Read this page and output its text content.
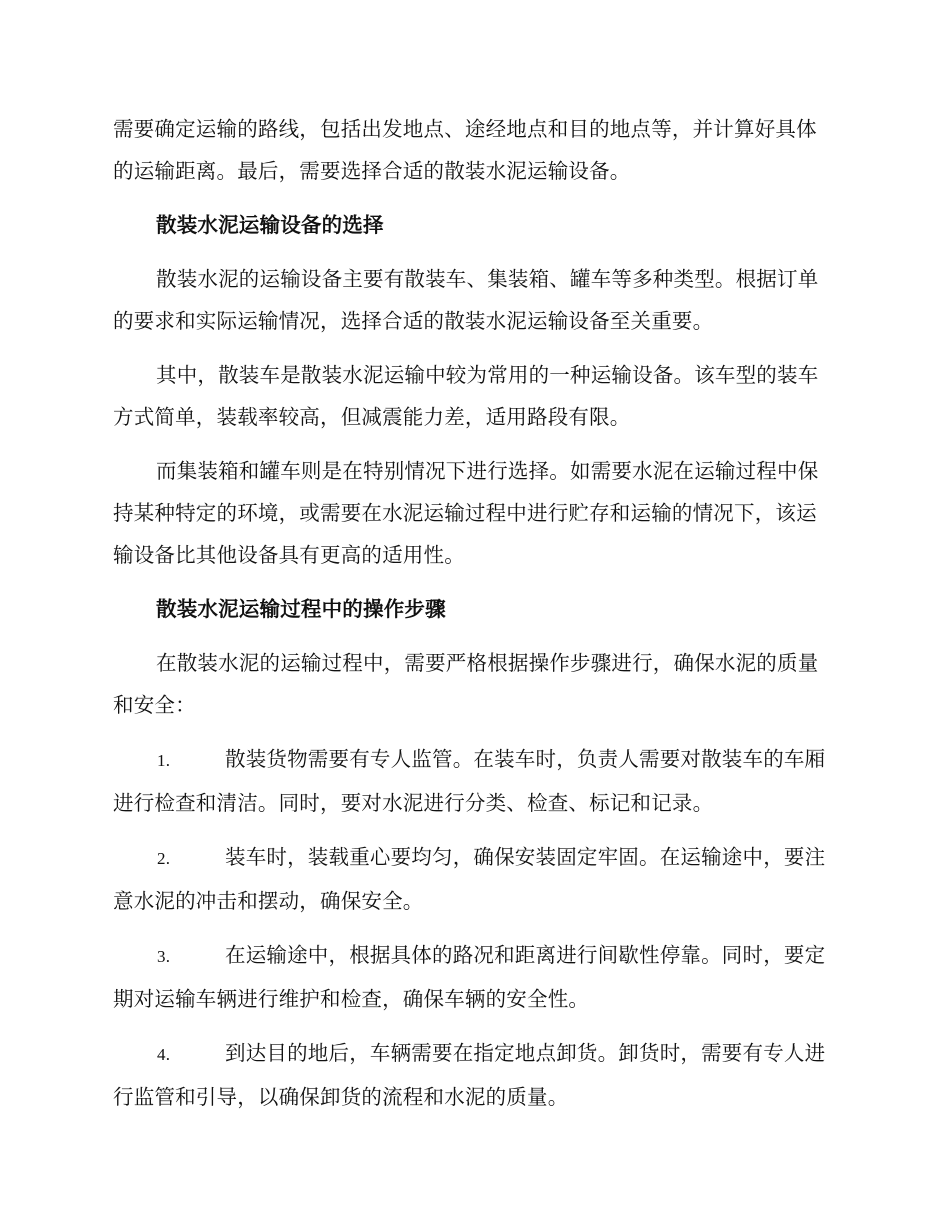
需要确定运输的路线，包括出发地点、途经地点和目的地点等，并计算好具体的运输距离。最后，需要选择合适的散装水泥运输设备。

散装水泥运输设备的选择

散装水泥的运输设备主要有散装车、集装箱、罐车等多种类型。根据订单的要求和实际运输情况，选择合适的散装水泥运输设备至关重要。

其中，散装车是散装水泥运输中较为常用的一种运输设备。该车型的装车方式简单，装载率较高，但减震能力差，适用路段有限。

而集装箱和罐车则是在特别情况下进行选择。如需要水泥在运输过程中保持某种特定的环境，或需要在水泥运输过程中进行贮存和运输的情况下，该运输设备比其他设备具有更高的适用性。

散装水泥运输过程中的操作步骤

在散装水泥的运输过程中，需要严格根据操作步骤进行，确保水泥的质量和安全：

1.	散装货物需要有专人监管。在装车时，负责人需要对散装车的车厢进行检查和清洁。同时，要对水泥进行分类、检查、标记和记录。
2.	装车时，装载重心要均匀，确保安装固定牢固。在运输途中，要注意水泥的冲击和摆动，确保安全。
3.	在运输途中，根据具体的路况和距离进行间歇性停靠。同时，要定期对运输车辆进行维护和检查，确保车辆的安全性。
4.	到达目的地后，车辆需要在指定地点卸货。卸货时，需要有专人进行监管和引导，以确保卸货的流程和水泥的质量。
